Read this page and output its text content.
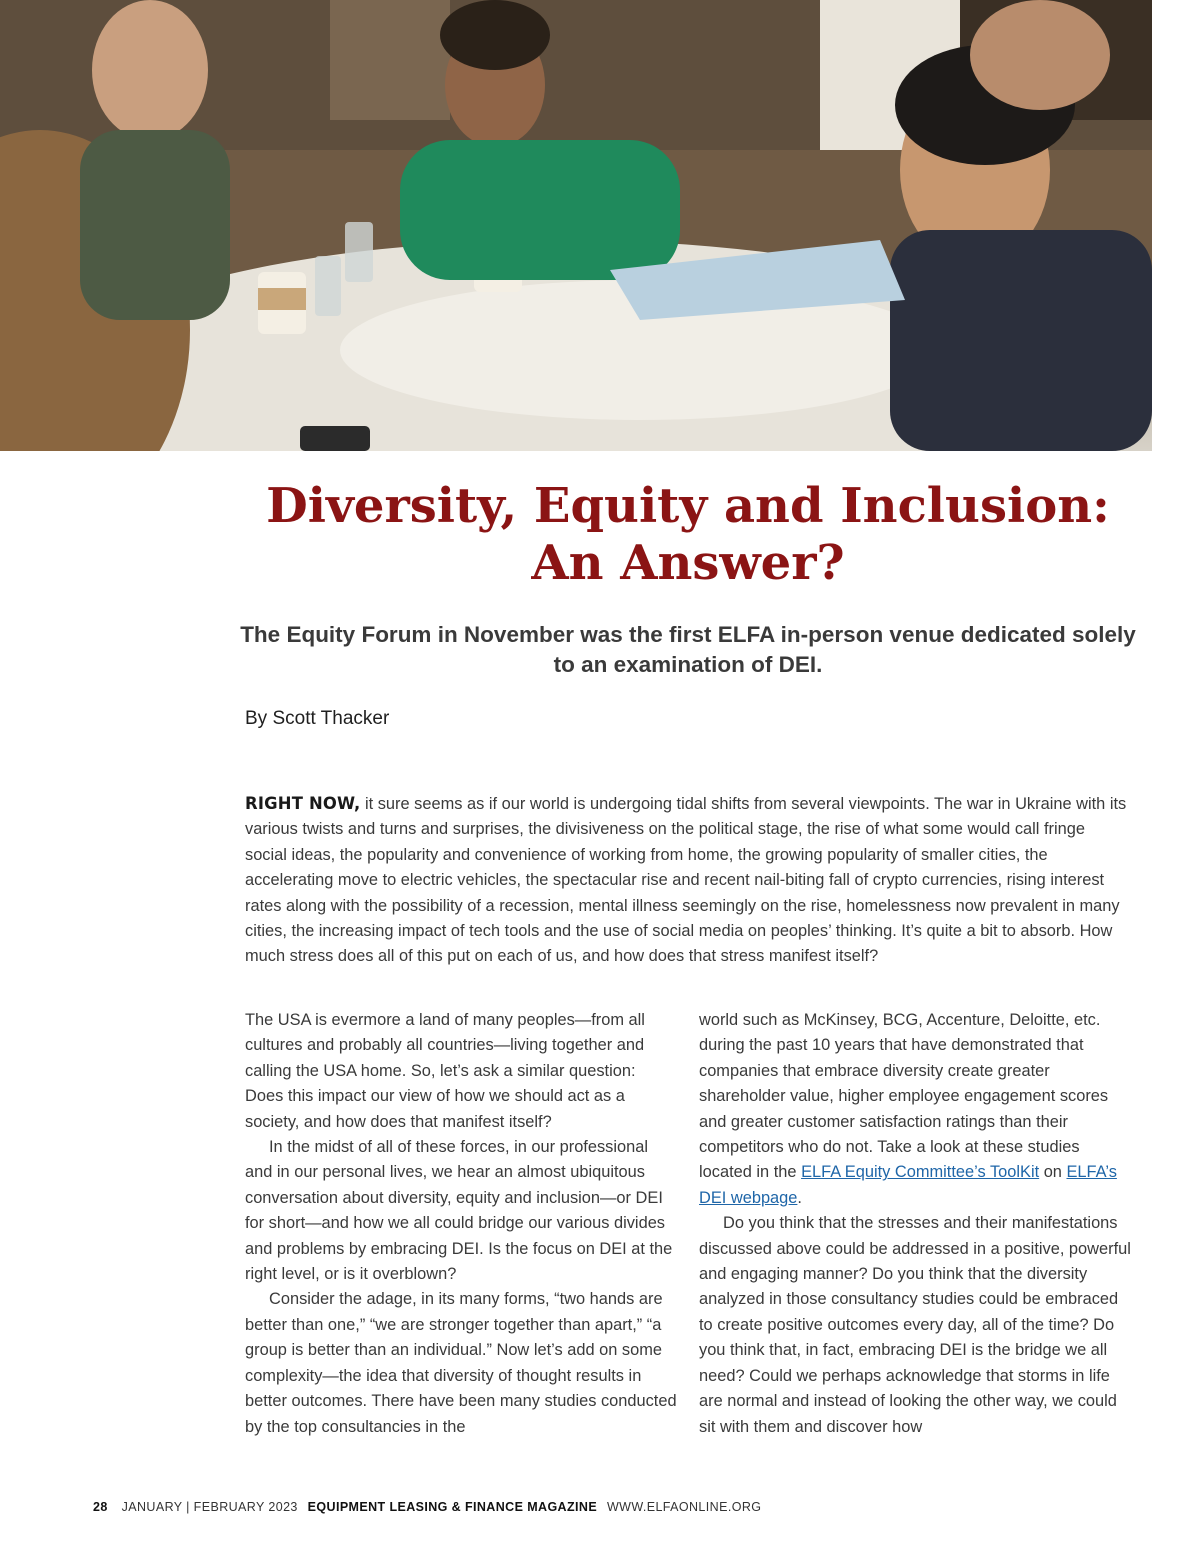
Diversity, Equity and Inclusion:
An Answer?

The Equity Forum in November was the first ELFA in-person venue dedicated solely to an examination of DEI.

By Scott Thacker

RIGHT NOW, it sure seems as if our world is undergoing tidal shifts from several viewpoints. The war in Ukraine with its various twists and turns and surprises, the divisiveness on the political stage, the rise of what some would call fringe social ideas, the popularity and convenience of working from home, the growing popularity of smaller cities, the accelerating move to electric vehicles, the spectacular rise and recent nail-biting fall of crypto currencies, rising interest rates along with the possibility of a recession, mental illness seemingly on the rise, homelessness now prevalent in many cities, the increasing impact of tech tools and the use of social media on peoples’ thinking. It’s quite a bit to absorb. How much stress does all of this put on each of us, and how does that stress manifest itself?

The USA is evermore a land of many peoples—from all cultures and probably all countries—living together and calling the USA home. So, let’s ask a similar question: Does this impact our view of how we should act as a society, and how does that manifest itself?

In the midst of all of these forces, in our professional and in our personal lives, we hear an almost ubiquitous conversation about diversity, equity and inclusion—or DEI for short—and how we all could bridge our various divides and problems by embracing DEI. Is the focus on DEI at the right level, or is it overblown?

Consider the adage, in its many forms, “two hands are better than one,” “we are stronger together than apart,” “a group is better than an individual.” Now let’s add on some complexity—the idea that diversity of thought results in better outcomes. There have been many studies conducted by the top consultancies in the

world such as McKinsey, BCG, Accenture, Deloitte, etc. during the past 10 years that have demonstrated that companies that embrace diversity create greater shareholder value, higher employee engagement scores and greater customer satisfaction ratings than their competitors who do not. Take a look at these studies located in the ELFA Equity Committee’s ToolKit on ELFA’s DEI webpage.

Do you think that the stresses and their manifestations discussed above could be addressed in a positive, powerful and engaging manner? Do you think that the diversity analyzed in those consultancy studies could be embraced to create positive outcomes every day, all of the time? Do you think that, in fact, embracing DEI is the bridge we all need? Could we perhaps acknowledge that storms in life are normal and instead of looking the other way, we could sit with them and discover how

28 JANUARY | FEBRUARY 2023 EQUIPMENT LEASING & FINANCE MAGAZINE WWW.ELFAONLINE.ORG
